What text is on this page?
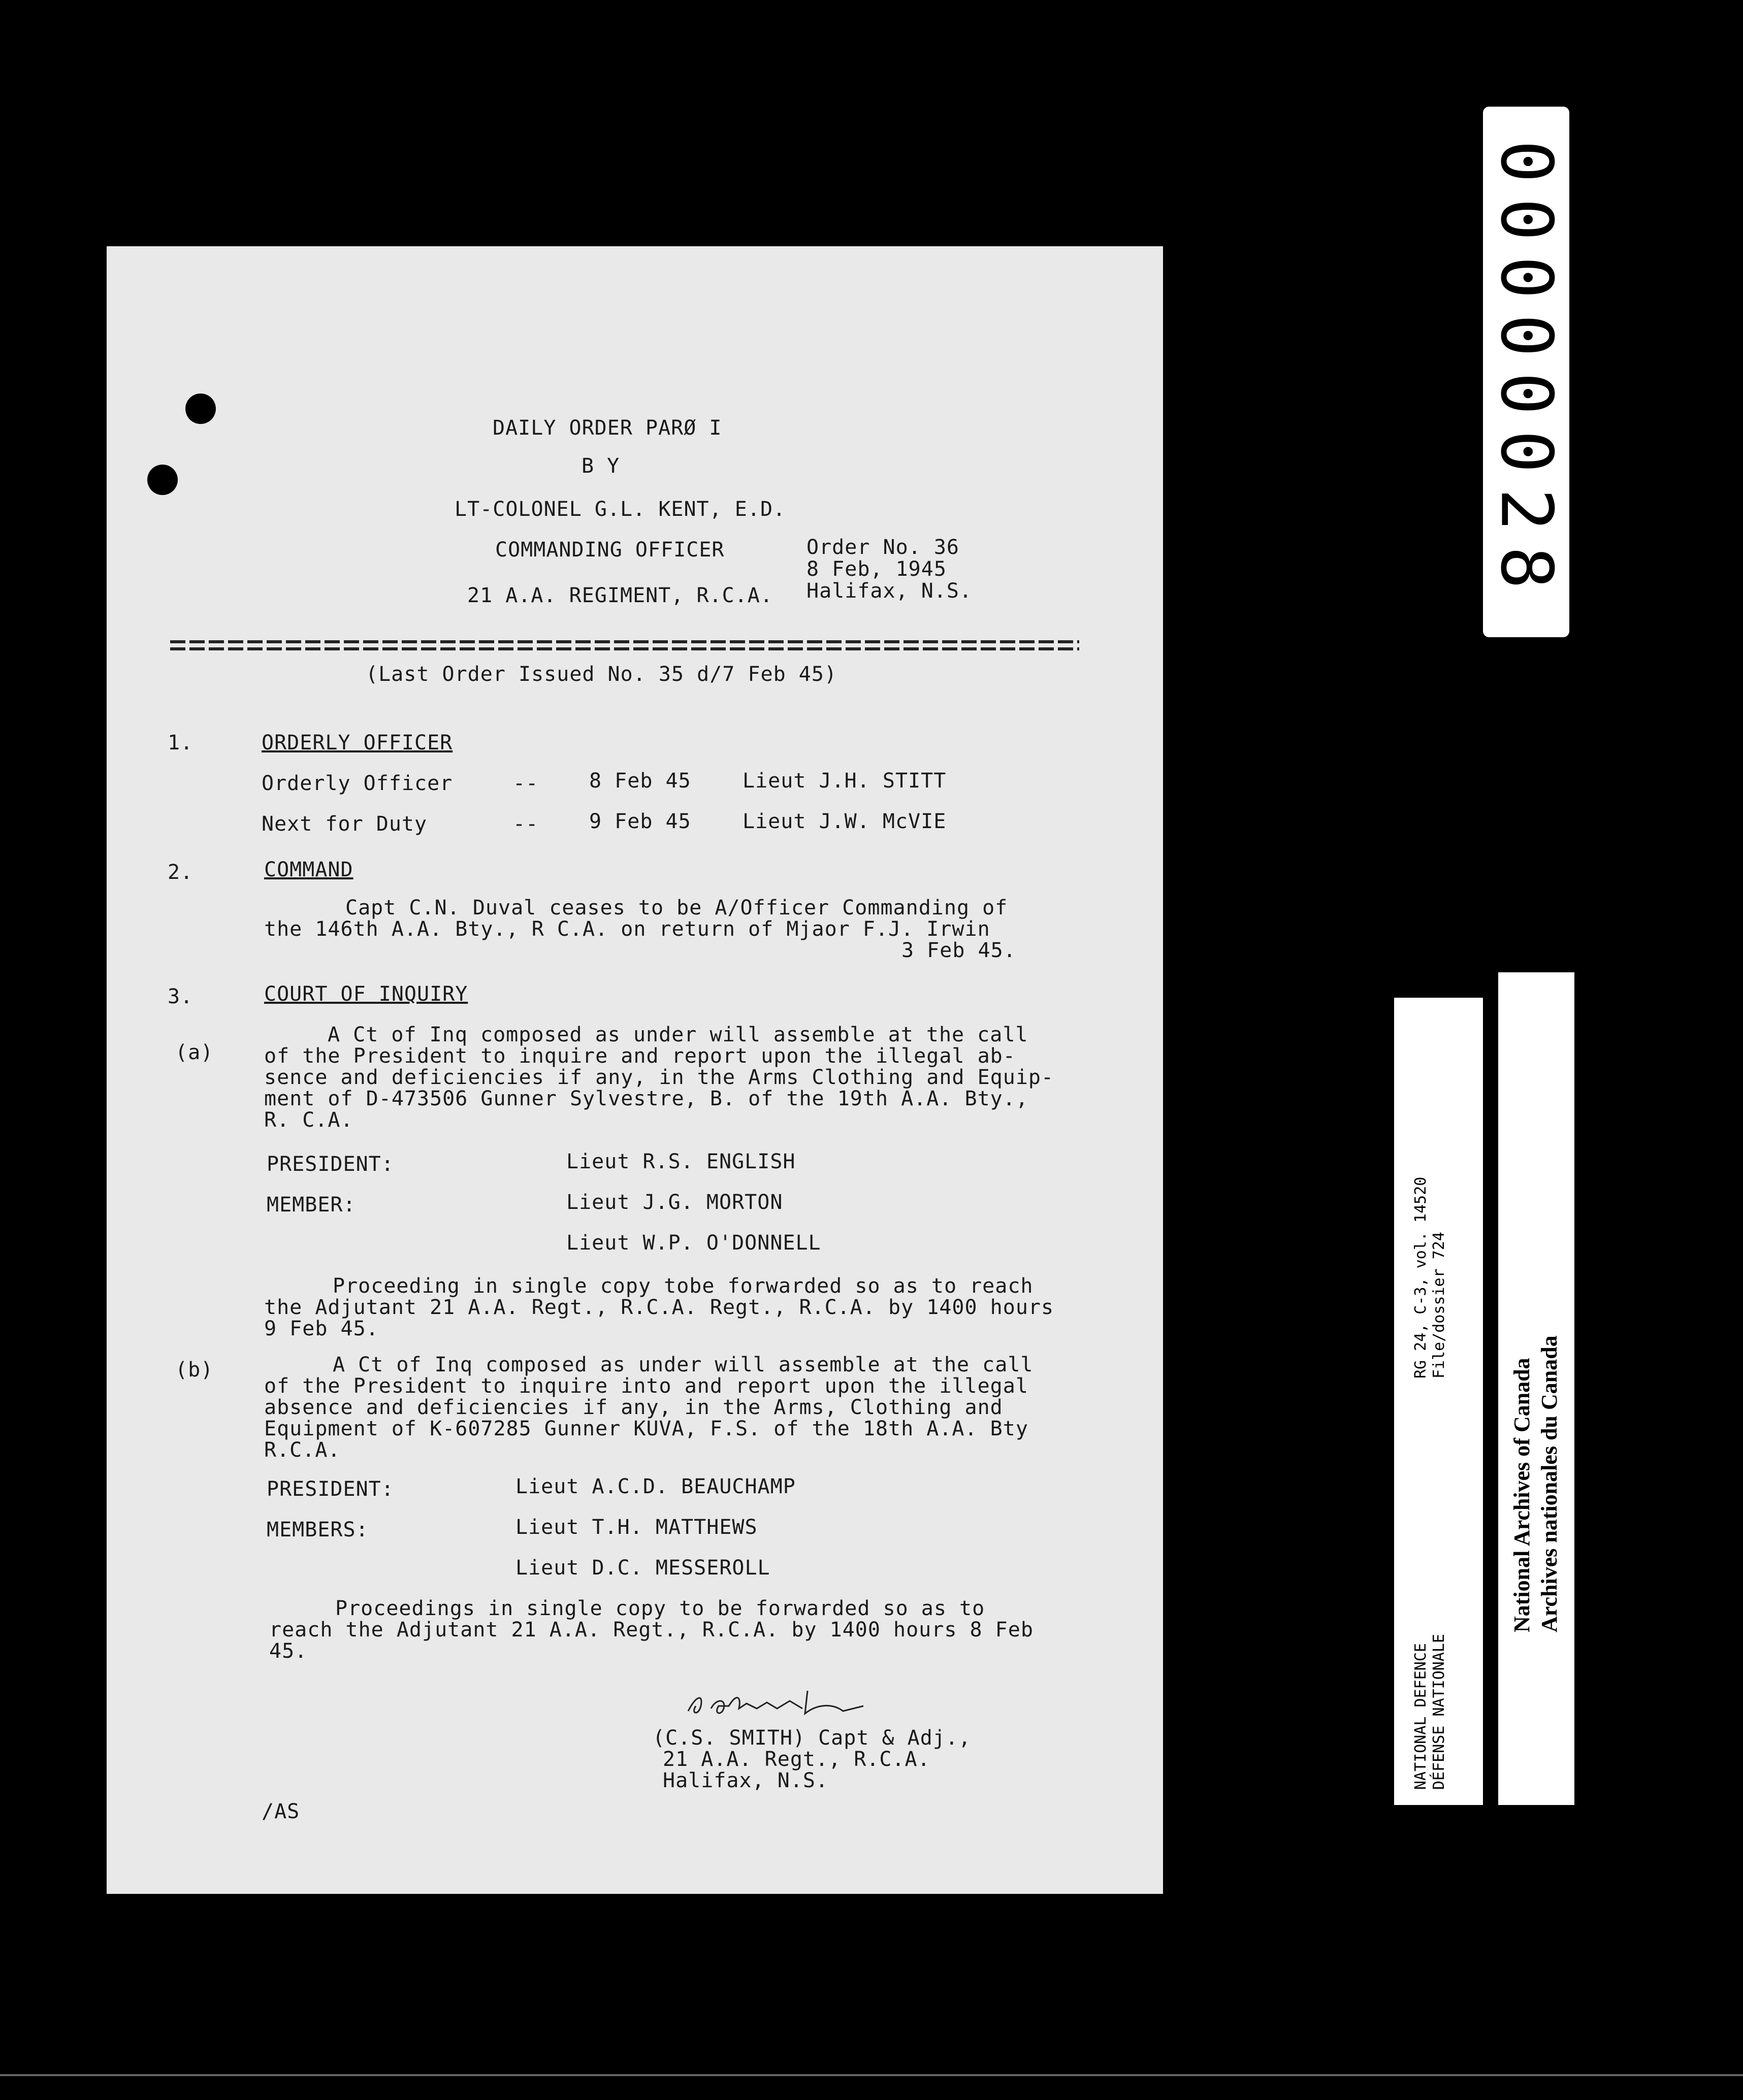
DAILY ORDER PARØ I
B Y
LT-COLONEL G.L. KENT, E.D.
COMMANDING OFFICER
21 A.A. REGIMENT, R.C.A.
Order No. 36
8 Feb, 1945
Halifax, N.S.
(Last Order Issued No. 35 d/7 Feb 45)
1.	ORDERLY OFFICER
Orderly Officer	-- 8 Feb 45	Lieut J.H. STITT
Next for Duty	-- 9 Feb 45	Lieut J.W. McVIE
2.	COMMAND
Capt C.N. Duval ceases to be A/Officer Commanding of
the 146th A.A. Bty., R C.A. on return of Mjaor F.J. Irwin
3 Feb 45.
3.	COURT OF INQUIRY
(a)
A Ct of Inq composed as under will assemble at the call
of the President to inquire and report upon the illegal ab-
sence and deficiencies if any, in the Arms Clothing and Equip-
ment of D-473506 Gunner Sylvestre, B. of the 19th A.A. Bty.,
R. C.A.
PRESIDENT:	Lieut R.S. ENGLISH
MEMBER:	Lieut J.G. MORTON
Lieut W.P. O'DONNELL
Proceeding in single copy tobe forwarded so as to reach
the Adjutant 21 A.A. Regt., R.C.A. Regt., R.C.A. by 1400 hours
9 Feb 45.
(b)	A Ct of Inq composed as under will assemble at the call
of the President to inquire into and report upon the illegal
absence and deficiencies if any, in the Arms, Clothing and
Equipment of K-607285 Gunner KUVA, F.S. of the 18th A.A. Bty
R.C.A.
PRESIDENT:	Lieut A.C.D. BEAUCHAMP
MEMBERS:	Lieut T.H. MATTHEWS
Lieut D.C. MESSEROLL
Proceedings in single copy to be forwarded so as to
reach the Adjutant 21 A.A. Regt., R.C.A. by 1400 hours 8 Feb
45.
(C.S. SMITH) Capt & Adj.,
21 A.A. Regt., R.C.A.
Halifax, N.S.
/AS
00000028
RG 24, C-3, vol. 14520 File/dossier 724
NATIONAL DEFENCE DÉFENSE NATIONALE
National Archives of Canada Archives nationales du Canada
